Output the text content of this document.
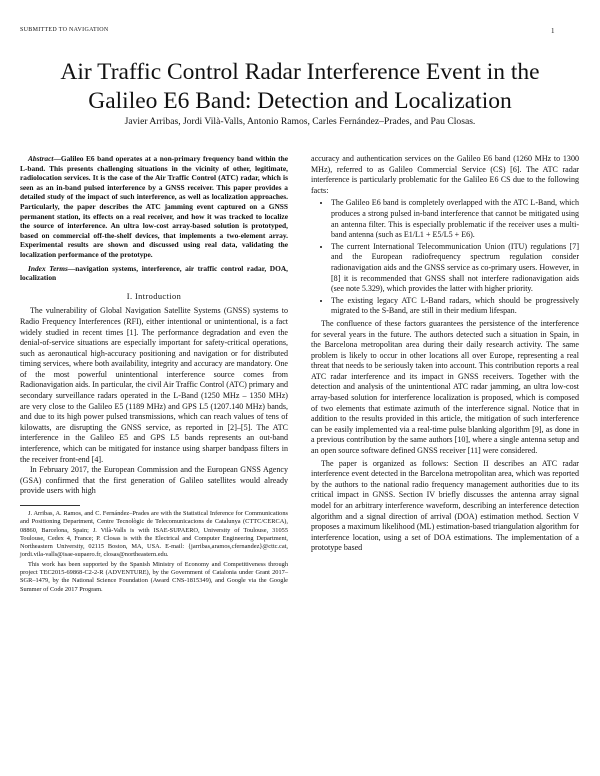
SUBMITTED TO NAVIGATION	1
Air Traffic Control Radar Interference Event in the Galileo E6 Band: Detection and Localization
Javier Arribas, Jordi Vilà-Valls, Antonio Ramos, Carles Fernández–Prades, and Pau Closas.

Abstract—Galileo E6 band operates at a non-primary frequency band within the L-band. This presents challenging situations in the vicinity of other, legitimate, radiolocation services. It is the case of the Air Traffic Control (ATC) radar, which is seen as an in-band pulsed interference by a GNSS receiver. This paper provides a detailed study of the impact of such interference, as well as localization approaches. Particularly, the paper describes the ATC jamming event captured on a GNSS permanent station, its effects on a real receiver, and how it was tracked to localize the source of interference. An ultra low-cost array-based solution is prototyped, based on commercial off-the-shelf devices, that implements a two-element array. Experimental results are shown and discussed using real data, validating the localization performance of the prototype.

Index Terms—navigation systems, interference, air traffic control radar, DOA, localization

I. Introduction

The vulnerability of Global Navigation Satellite Systems (GNSS) systems to Radio Frequency Interferences (RFI), either intentional or unintentional, is a fact widely studied in recent times [1]. The performance degradation and even the denial-of-service situations are especially important for safety-critical operations, such as aeronautical high-accuracy positioning and navigation or for distributed timing services, where both availability, integrity and accuracy are mandatory. One of the most powerful unintentional interference source comes from Radionavigation aids. In particular, the civil Air Traffic Control (ATC) primary and secondary surveillance radars operated in the L-Band (1250 MHz – 1350 MHz) are very close to the Galileo E5 (1189 MHz) and GPS L5 (1207.140 MHz) bands, and due to its high power pulsed transmissions, which can reach values of tens of kilowatts, are disrupting the GNSS service, as reported in [2]–[5]. The ATC interference in the Galileo E5 and GPS L5 bands represents an out-band interference, which can be mitigated for instance using sharper bandpass filters in the receiver front-end [4].

In February 2017, the European Commission and the European GNSS Agency (GSA) confirmed that the first generation of Galileo satellites would already provide users with high

J. Arribas, A. Ramos, and C. Fernández–Prades are with the Statistical Inference for Communications and Positioning Department, Centre Tecnològic de Telecomunicacions de Catalunya (CTTC/CERCA), 08860, Barcelona, Spain; J. Vilà-Valls is with ISAE-SUPAERO, University of Toulouse, 31055 Toulouse, Cedex 4, France; P. Closas is with the Electrical and Computer Engineering Department, Northeastern University, 02115 Boston, MA, USA. E-mail: {jarribas,aramos,cfernandez}@cttc.cat, jordi.vila-valls@isae-supaero.fr, closas@northeastern.edu.

This work has been supported by the Spanish Ministry of Economy and Competitiveness through project TEC2015-69868-C2-2-R (ADVENTURE), by the Government of Catalonia under Grant 2017–SGR–1479, by the National Science Foundation (Award CNS-1815349), and Google via the Google Summer of Code 2017 Program.

accuracy and authentication services on the Galileo E6 band (1260 MHz to 1300 MHz), referred to as Galileo Commercial Service (CS) [6]. The ATC radar interference is particularly problematic for the Galileo E6 CS due to the following facts:

• The Galileo E6 band is completely overlapped with the ATC L-Band, which produces a strong pulsed in-band interference that cannot be mitigated using an antenna filter. This is especially problematic if the receiver uses a multi-band antenna (such as E1/L1 + E5/L5 + E6).
• The current International Telecommunication Union (ITU) regulations [7] and the European radiofrequency spectrum regulation consider radionavigation aids and the GNSS service as co-primary users. However, in [8] it is recommended that GNSS shall not interfere radionavigation aids (see note 5.329), which provides the latter with higher priority.
• The existing legacy ATC L-Band radars, which should be progressively migrated to the S-Band, are still in their medium lifespan.

The confluence of these factors guarantees the persistence of the interference for several years in the future. The authors detected such a situation in Spain, in the Barcelona metropolitan area during their daily research activity. The same problem is likely to occur in other locations all over Europe, representing a real threat that needs to be seriously taken into account. This contribution reports a real ATC radar interference and its impact in GNSS receivers. Together with the detection and analysis of the unintentional ATC radar jamming, an ultra low-cost array-based solution for interference localization is proposed, which is composed of two elements that estimate azimuth of the interference signal. Notice that in addition to the results provided in this article, the mitigation of such interference can be easily implemented via a real-time pulse blanking algorithm [9], as done in a previous contribution by the same authors [10], where a single antenna setup and an open source software defined GNSS receiver [11] were considered.

The paper is organized as follows: Section II describes an ATC radar interference event detected in the Barcelona metropolitan area, which was reported by the authors to the national radio frequency management authorities due to its critical impact in GNSS. Section IV briefly discusses the antenna array signal model for an arbitrary interference waveform, describing an interference detection algorithm and a signal direction of arrival (DOA) estimation method. Section V proposes a maximum likelihood (ML) estimation-based triangulation algorithm for interference location, using a set of DOA estimations. The implementation of a prototype based
